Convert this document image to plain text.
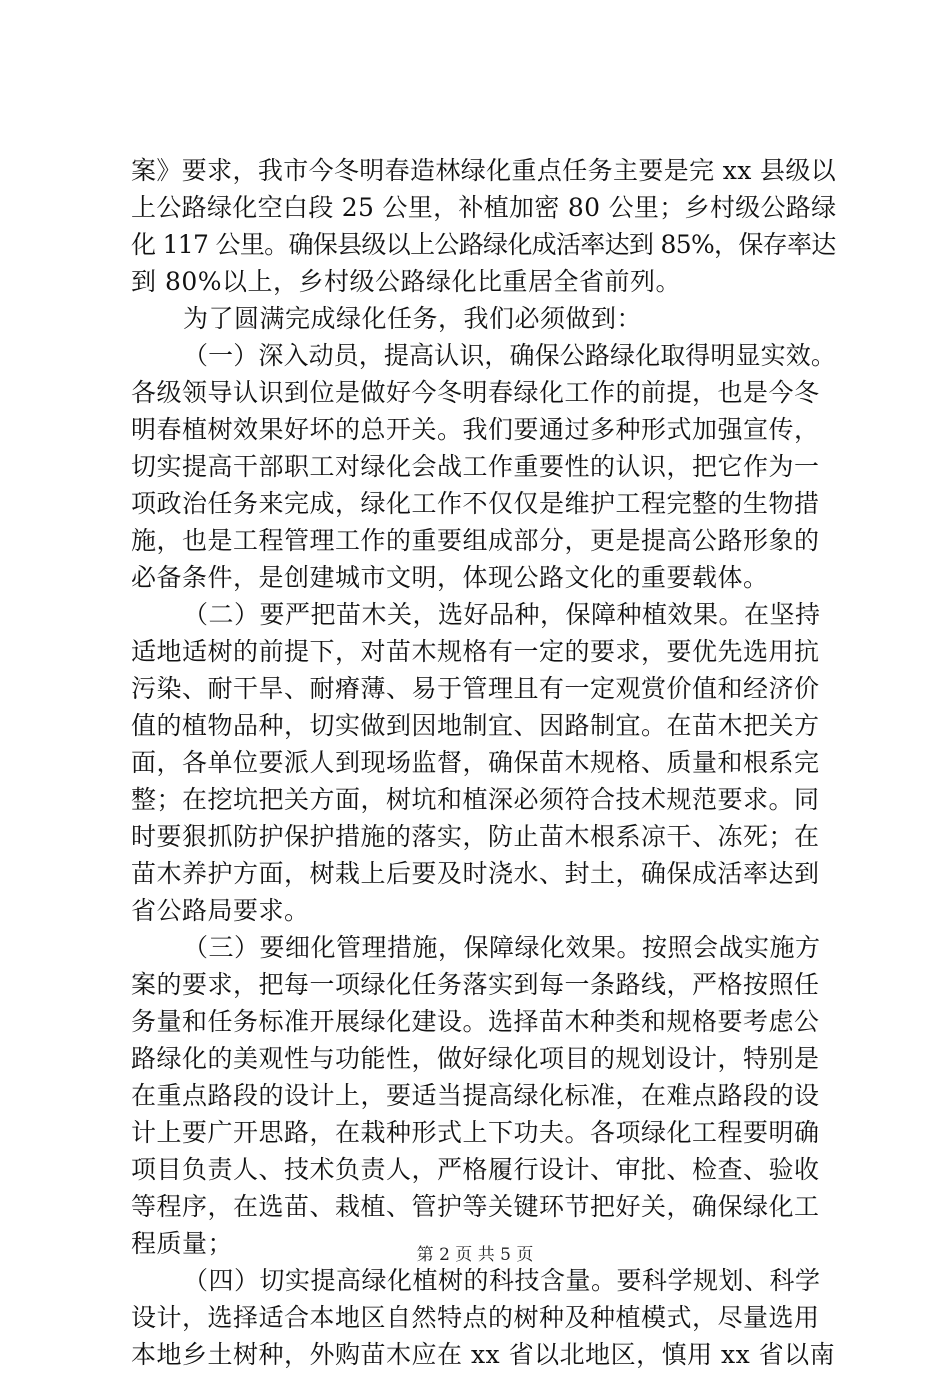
案》要求，我市今冬明春造林绿化重点任务主要是完 xx 县级以
上公路绿化空白段 25 公里，补植加密 80 公里；乡村级公路绿
化 117 公里。确保县级以上公路绿化成活率达到 85%，保存率达
到 80%以上，乡村级公路绿化比重居全省前列。
为了圆满完成绿化任务，我们必须做到：
（一）深入动员，提高认识，确保公路绿化取得明显实效。
各级领导认识到位是做好今冬明春绿化工作的前提，也是今冬
明春植树效果好坏的总开关。我们要通过多种形式加强宣传，
切实提高干部职工对绿化会战工作重要性的认识，把它作为一
项政治任务来完成，绿化工作不仅仅是维护工程完整的生物措
施，也是工程管理工作的重要组成部分，更是提高公路形象的
必备条件，是创建城市文明，体现公路文化的重要载体。
（二）要严把苗木关，选好品种，保障种植效果。在坚持
适地适树的前提下，对苗木规格有一定的要求，要优先选用抗
污染、耐干旱、耐瘠薄、易于管理且有一定观赏价值和经济价
值的植物品种，切实做到因地制宜、因路制宜。在苗木把关方
面，各单位要派人到现场监督，确保苗木规格、质量和根系完
整；在挖坑把关方面，树坑和植深必须符合技术规范要求。同
时要狠抓防护保护措施的落实，防止苗木根系凉干、冻死；在
苗木养护方面，树栽上后要及时浇水、封土，确保成活率达到
省公路局要求。
（三）要细化管理措施，保障绿化效果。按照会战实施方
案的要求，把每一项绿化任务落实到每一条路线，严格按照任
务量和任务标准开展绿化建设。选择苗木种类和规格要考虑公
路绿化的美观性与功能性，做好绿化项目的规划设计，特别是
在重点路段的设计上，要适当提高绿化标准，在难点路段的设
计上要广开思路，在栽种形式上下功夫。各项绿化工程要明确
项目负责人、技术负责人，严格履行设计、审批、检查、验收
等程序，在选苗、栽植、管护等关键环节把好关，确保绿化工
程质量；
（四）切实提高绿化植树的科技含量。要科学规划、科学
设计，选择适合本地区自然特点的树种及种植模式，尽量选用
本地乡土树种，外购苗木应在 xx 省以北地区，慎用 xx 省以南
第 2 页 共 5 页
